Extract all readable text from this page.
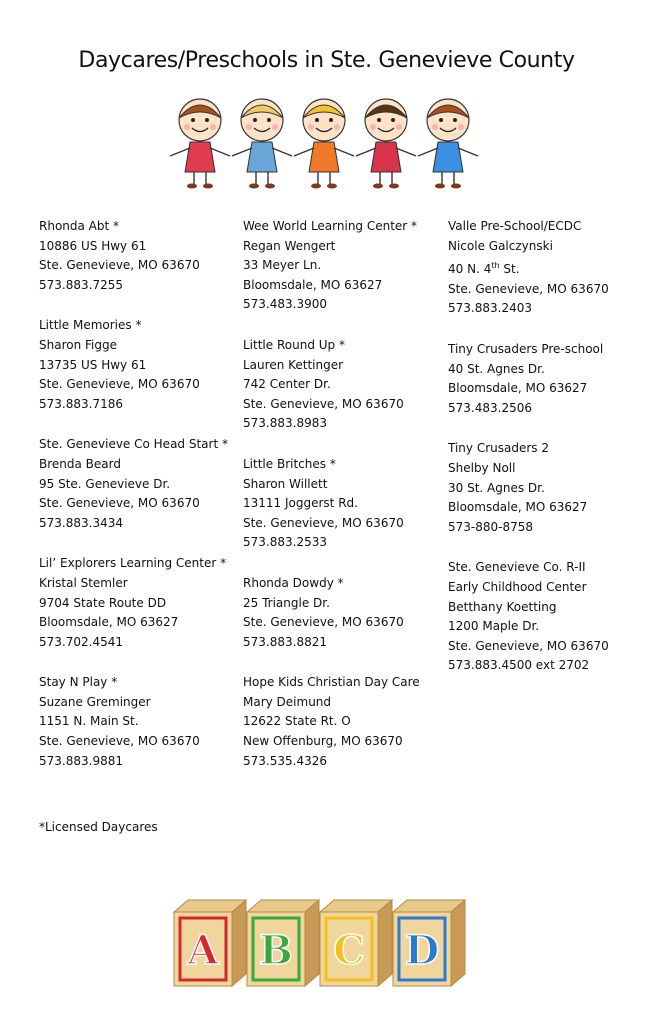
Daycares/Preschools in Ste. Genevieve County
Rhonda Abt *
10886 US Hwy 61
Ste. Genevieve, MO 63670
573.883.7255
Little Memories *
Sharon Figge
13735 US Hwy 61
Ste. Genevieve, MO 63670
573.883.7186
Ste. Genevieve Co Head Start *
Brenda Beard
95 Ste. Genevieve Dr.
Ste. Genevieve, MO 63670
573.883.3434
Lil’ Explorers Learning Center *
Kristal Stemler
9704 State Route DD
Bloomsdale, MO 63627
573.702.4541
Stay N Play *
Suzane Greminger
1151 N. Main St.
Ste. Genevieve, MO 63670
573.883.9881
Wee World Learning Center *
Regan Wengert
33 Meyer Ln.
Bloomsdale, MO 63627
573.483.3900
Little Round Up *
Lauren Kettinger
742 Center Dr.
Ste. Genevieve, MO 63670
573.883.8983
Little Britches *
Sharon Willett
13111 Joggerst Rd.
Ste. Genevieve, MO 63670
573.883.2533
Rhonda Dowdy *
25 Triangle Dr.
Ste. Genevieve, MO 63670
573.883.8821
Hope Kids Christian Day Care
Mary Deimund
12622 State Rt. O
New Offenburg, MO 63670
573.535.4326
Valle Pre-School/ECDC
Nicole Galczynski
40 N. 4th St.
Ste. Genevieve, MO 63670
573.883.2403
Tiny Crusaders Pre-school
40 St. Agnes Dr.
Bloomsdale, MO 63627
573.483.2506
Tiny Crusaders 2
Shelby Noll
30 St. Agnes Dr.
Bloomsdale, MO 63627
573-880-8758
Ste. Genevieve Co. R-II
Early Childhood Center
Betthany Koetting
1200 Maple Dr.
Ste. Genevieve, MO 63670
573.883.4500 ext 2702
*Licensed Daycares
A B C D
